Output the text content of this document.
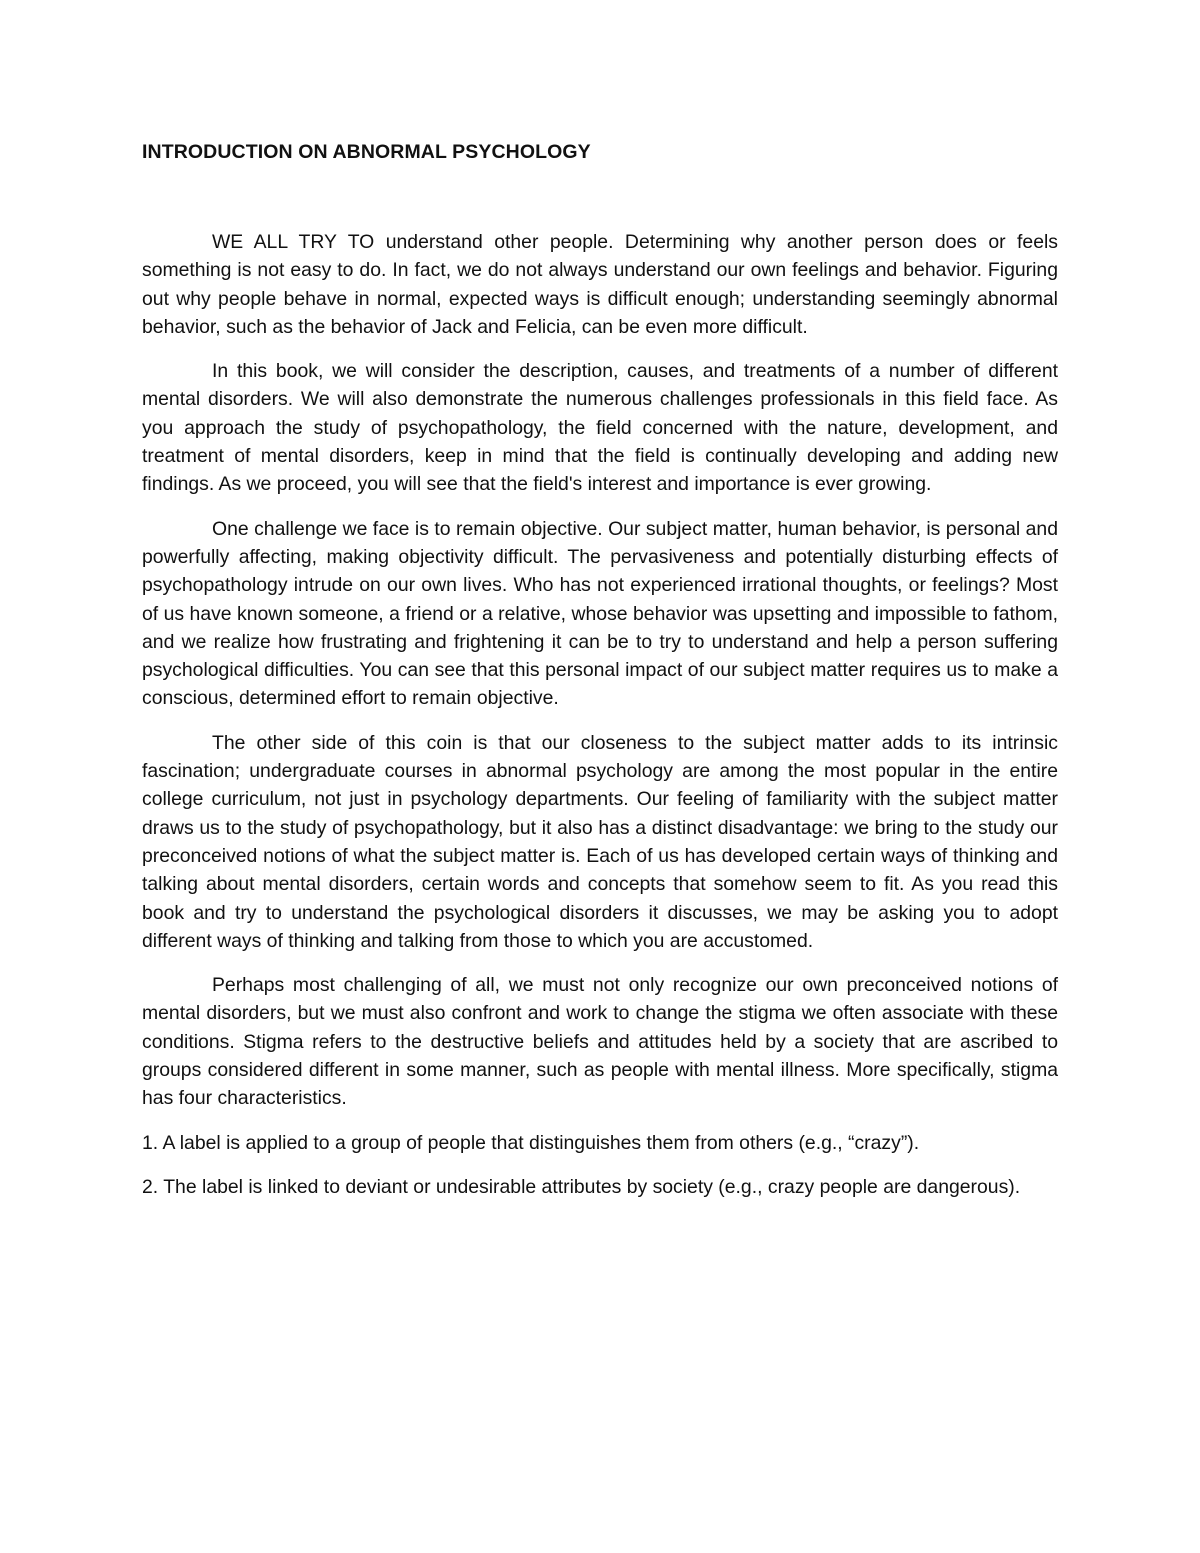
INTRODUCTION ON ABNORMAL PSYCHOLOGY

WE ALL TRY TO understand other people. Determining why another person does or feels something is not easy to do. In fact, we do not always understand our own feelings and behavior. Figuring out why people behave in normal, expected ways is difficult enough; understanding seemingly abnormal behavior, such as the behavior of Jack and Felicia, can be even more difficult.

In this book, we will consider the description, causes, and treatments of a number of different mental disorders. We will also demonstrate the numerous challenges professionals in this field face. As you approach the study of psychopathology, the field concerned with the nature, development, and treatment of mental disorders, keep in mind that the field is continually developing and adding new findings. As we proceed, you will see that the field's interest and importance is ever growing.

One challenge we face is to remain objective. Our subject matter, human behavior, is personal and powerfully affecting, making objectivity difficult. The pervasiveness and potentially disturbing effects of psychopathology intrude on our own lives. Who has not experienced irrational thoughts, or feelings? Most of us have known someone, a friend or a relative, whose behavior was upsetting and impossible to fathom, and we realize how frustrating and frightening it can be to try to understand and help a person suffering psychological difficulties. You can see that this personal impact of our subject matter requires us to make a conscious, determined effort to remain objective.

The other side of this coin is that our closeness to the subject matter adds to its intrinsic fascination; undergraduate courses in abnormal psychology are among the most popular in the entire college curriculum, not just in psychology departments. Our feeling of familiarity with the subject matter draws us to the study of psychopathology, but it also has a distinct disadvantage: we bring to the study our preconceived notions of what the subject matter is. Each of us has developed certain ways of thinking and talking about mental disorders, certain words and concepts that somehow seem to fit. As you read this book and try to understand the psychological disorders it discusses, we may be asking you to adopt different ways of thinking and talking from those to which you are accustomed.

Perhaps most challenging of all, we must not only recognize our own preconceived notions of mental disorders, but we must also confront and work to change the stigma we often associate with these conditions. Stigma refers to the destructive beliefs and attitudes held by a society that are ascribed to groups considered different in some manner, such as people with mental illness. More specifically, stigma has four characteristics.

1. A label is applied to a group of people that distinguishes them from others (e.g., “crazy”).

2. The label is linked to deviant or undesirable attributes by society (e.g., crazy people are dangerous).
